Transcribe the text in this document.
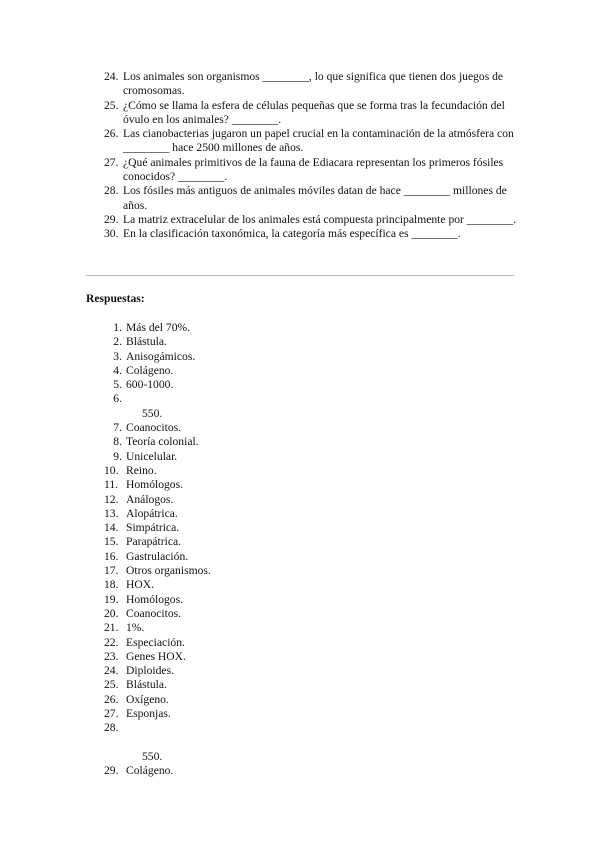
24. Los animales son organismos ________, lo que significa que tienen dos juegos de cromosomas.
25. ¿Cómo se llama la esfera de células pequeñas que se forma tras la fecundación del óvulo en los animales? ________.
26. Las cianobacterias jugaron un papel crucial en la contaminación de la atmósfera con ________ hace 2500 millones de años.
27. ¿Qué animales primitivos de la fauna de Ediacara representan los primeros fósiles conocidos? ________.
28. Los fósiles más antiguos de animales móviles datan de hace ________ millones de años.
29. La matriz extracelular de los animales está compuesta principalmente por ________.
30. En la clasificación taxonómica, la categoría más específica es ________.
Respuestas:
1. Más del 70%.
2. Blástula.
3. Anisogámicos.
4. Colágeno.
5. 600-1000.
6.
550.
7. Coanocitos.
8. Teoría colonial.
9. Unicelular.
10. Reino.
11. Homólogos.
12. Análogos.
13. Alopátrica.
14. Simpátrica.
15. Parapátrica.
16. Gastrulación.
17. Otros organismos.
18. HOX.
19. Homólogos.
20. Coanocitos.
21. 1%.
22. Especiación.
23. Genes HOX.
24. Diploides.
25. Blástula.
26. Oxígeno.
27. Esponjas.
28.
550.
29. Colágeno.
